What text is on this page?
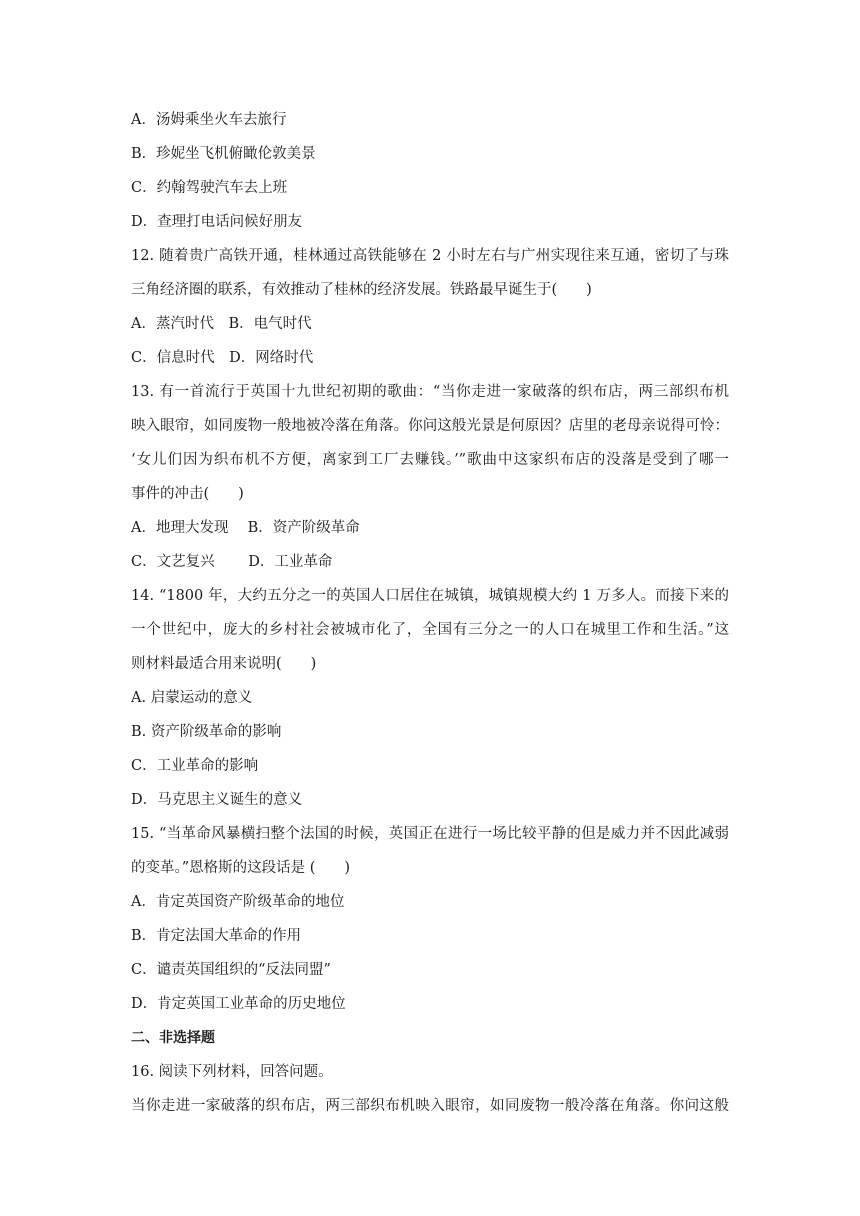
A．汤姆乘坐火车去旅行
B．珍妮坐飞机俯瞰伦敦美景
C．约翰驾驶汽车去上班
D．查理打电话问候好朋友
12. 随着贵广高铁开通，桂林通过高铁能够在 2 小时左右与广州实现往来互通，密切了与珠
三角经济圈的联系，有效推动了桂林的经济发展。铁路最早诞生于(　　)
A．蒸汽时代　B．电气时代
C．信息时代　D．网络时代
13. 有一首流行于英国十九世纪初期的歌曲：“当你走进一家破落的织布店，两三部织布机
映入眼帘，如同废物一般地被冷落在角落。你问这般光景是何原因？店里的老母亲说得可怜：
‘女儿们因为织布机不方便，离家到工厂去赚钱。’”歌曲中这家织布店的没落是受到了哪一
事件的冲击(　　)
A．地理大发现　 B．资产阶级革命
C．文艺复兴　　 D．工业革命
14. “1800 年，大约五分之一的英国人口居住在城镇，城镇规模大约 1 万多人。而接下来的
一个世纪中，庞大的乡村社会被城市化了，全国有三分之一的人口在城里工作和生活。”这
则材料最适合用来说明(　　)
A. 启蒙运动的意义
B. 资产阶级革命的影响
C．工业革命的影响
D．马克思主义诞生的意义
15. “当革命风暴横扫整个法国的时候，英国正在进行一场比较平静的但是威力并不因此减弱
的变革。”恩格斯的这段话是 (　　)
A．肯定英国资产阶级革命的地位
B．肯定法国大革命的作用
C．谴责英国组织的“反法同盟”
D．肯定英国工业革命的历史地位
二、非选择题
16. 阅读下列材料，回答问题。
当你走进一家破落的织布店，两三部织布机映入眼帘，如同废物一般冷落在角落。你问这般
